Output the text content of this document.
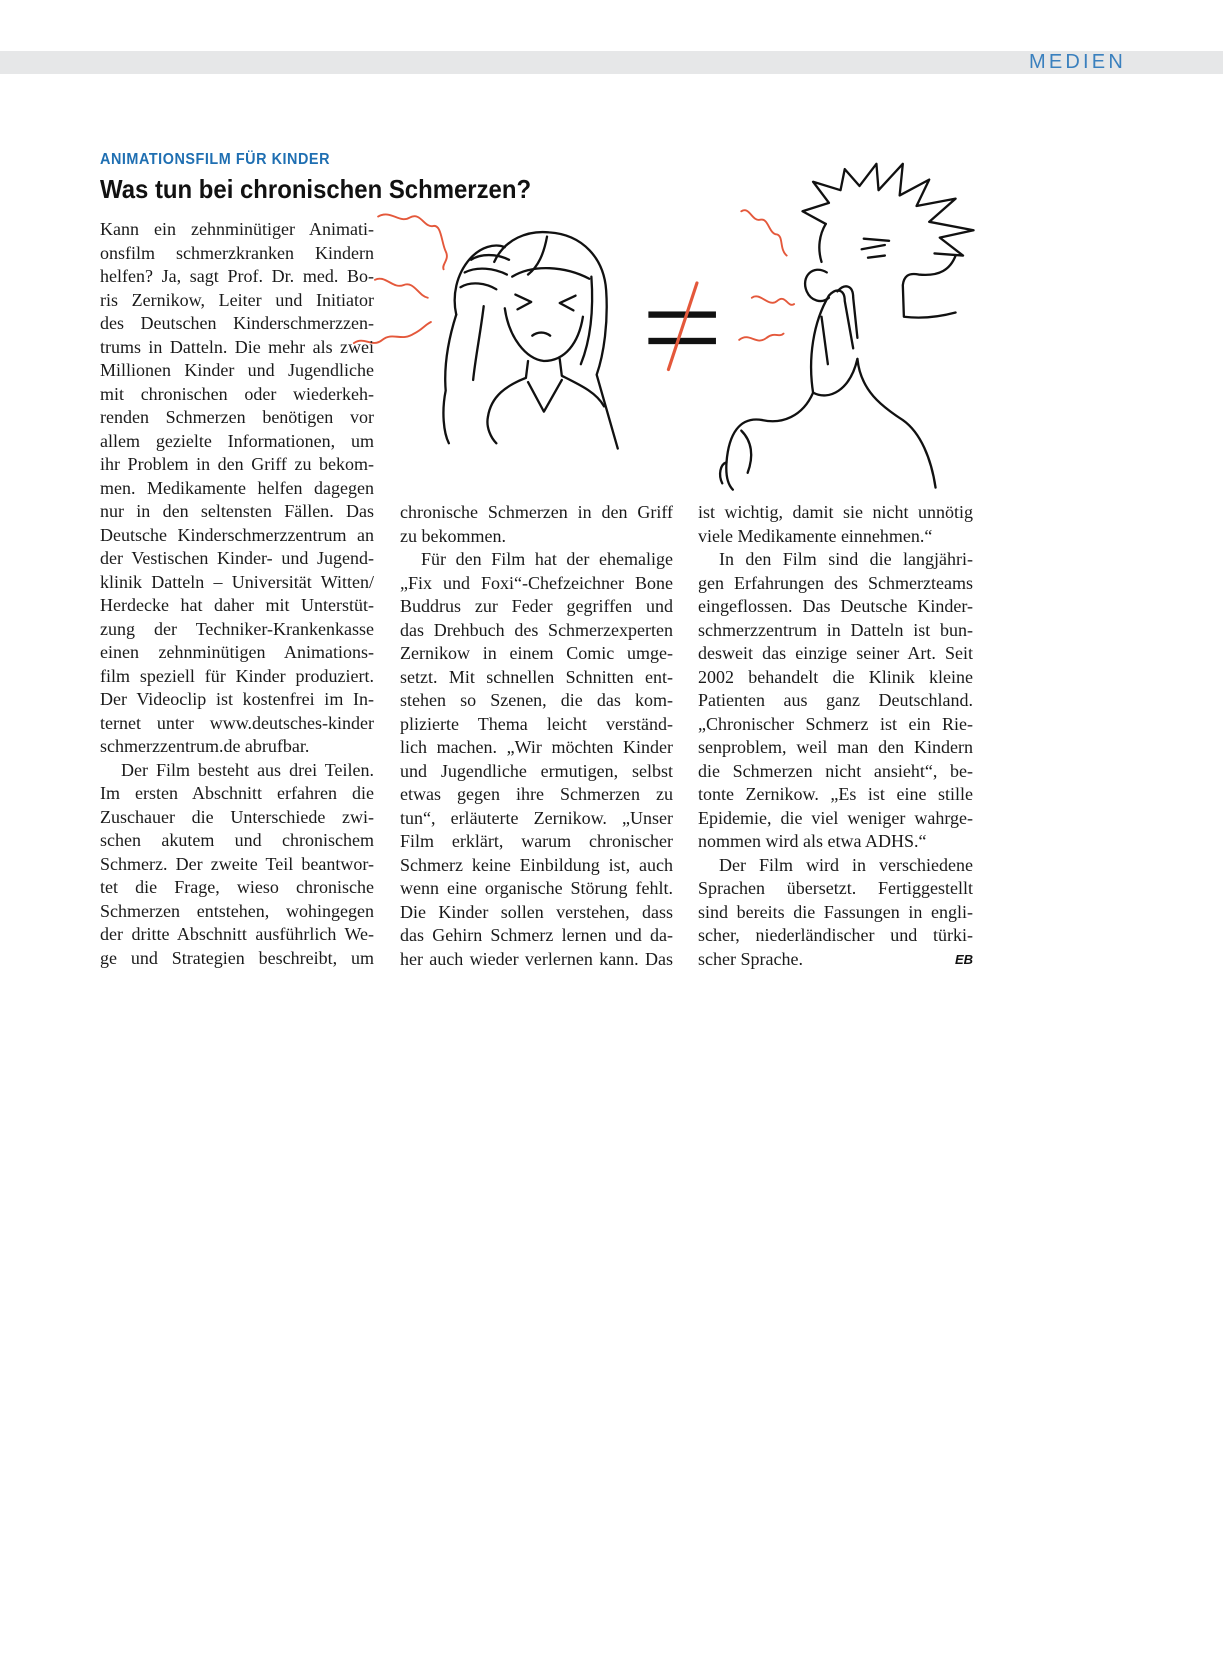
MEDIEN
ANIMATIONSFILM FÜR KINDER
Was tun bei chronischen Schmerzen?
Kann ein zehnminütiger Animati-
onsfilm schmerzkranken Kindern
helfen? Ja, sagt Prof. Dr. med. Bo-
ris Zernikow, Leiter und Initiator
des Deutschen Kinderschmerzzen-
trums in Datteln. Die mehr als zwei
Millionen Kinder und Jugendliche
mit chronischen oder wiederkeh-
renden Schmerzen benötigen vor
allem gezielte Informationen, um
ihr Problem in den Griff zu bekom-
men. Medikamente helfen dagegen
nur in den seltensten Fällen. Das
Deutsche Kinderschmerzzentrum an
der Vestischen Kinder- und Jugend-
klinik Datteln – Universität Witten/
Herdecke hat daher mit Unterstüt-
zung der Techniker-Krankenkasse
einen zehnminütigen Animations-
film speziell für Kinder produziert.
Der Videoclip ist kostenfrei im In-
ternet unter www.deutsches-kinder
schmerzzentrum.de abrufbar.
Der Film besteht aus drei Teilen.
Im ersten Abschnitt erfahren die
Zuschauer die Unterschiede zwi-
schen akutem und chronischem
Schmerz. Der zweite Teil beantwor-
tet die Frage, wieso chronische
Schmerzen entstehen, wohingegen
der dritte Abschnitt ausführlich We-
ge und Strategien beschreibt, um
chronische Schmerzen in den Griff
zu bekommen.
Für den Film hat der ehemalige
„Fix und Foxi“-Chefzeichner Bone
Buddrus zur Feder gegriffen und
das Drehbuch des Schmerzexperten
Zernikow in einem Comic umge-
setzt. Mit schnellen Schnitten ent-
stehen so Szenen, die das kom-
plizierte Thema leicht verständ-
lich machen. „Wir möchten Kinder
und Jugendliche ermutigen, selbst
etwas gegen ihre Schmerzen zu
tun“, erläuterte Zernikow. „Unser
Film erklärt, warum chronischer
Schmerz keine Einbildung ist, auch
wenn eine organische Störung fehlt.
Die Kinder sollen verstehen, dass
das Gehirn Schmerz lernen und da-
her auch wieder verlernen kann. Das
ist wichtig, damit sie nicht unnötig
viele Medikamente einnehmen.“
In den Film sind die langjähri-
gen Erfahrungen des Schmerzteams
eingeflossen. Das Deutsche Kinder-
schmerzzentrum in Datteln ist bun-
desweit das einzige seiner Art. Seit
2002 behandelt die Klinik kleine
Patienten aus ganz Deutschland.
„Chronischer Schmerz ist ein Rie-
senproblem, weil man den Kindern
die Schmerzen nicht ansieht“, be-
tonte Zernikow. „Es ist eine stille
Epidemie, die viel weniger wahrge-
nommen wird als etwa ADHS.“
Der Film wird in verschiedene
Sprachen übersetzt. Fertiggestellt
sind bereits die Fassungen in engli-
scher, niederländischer und türki-
scher Sprache.	EB
